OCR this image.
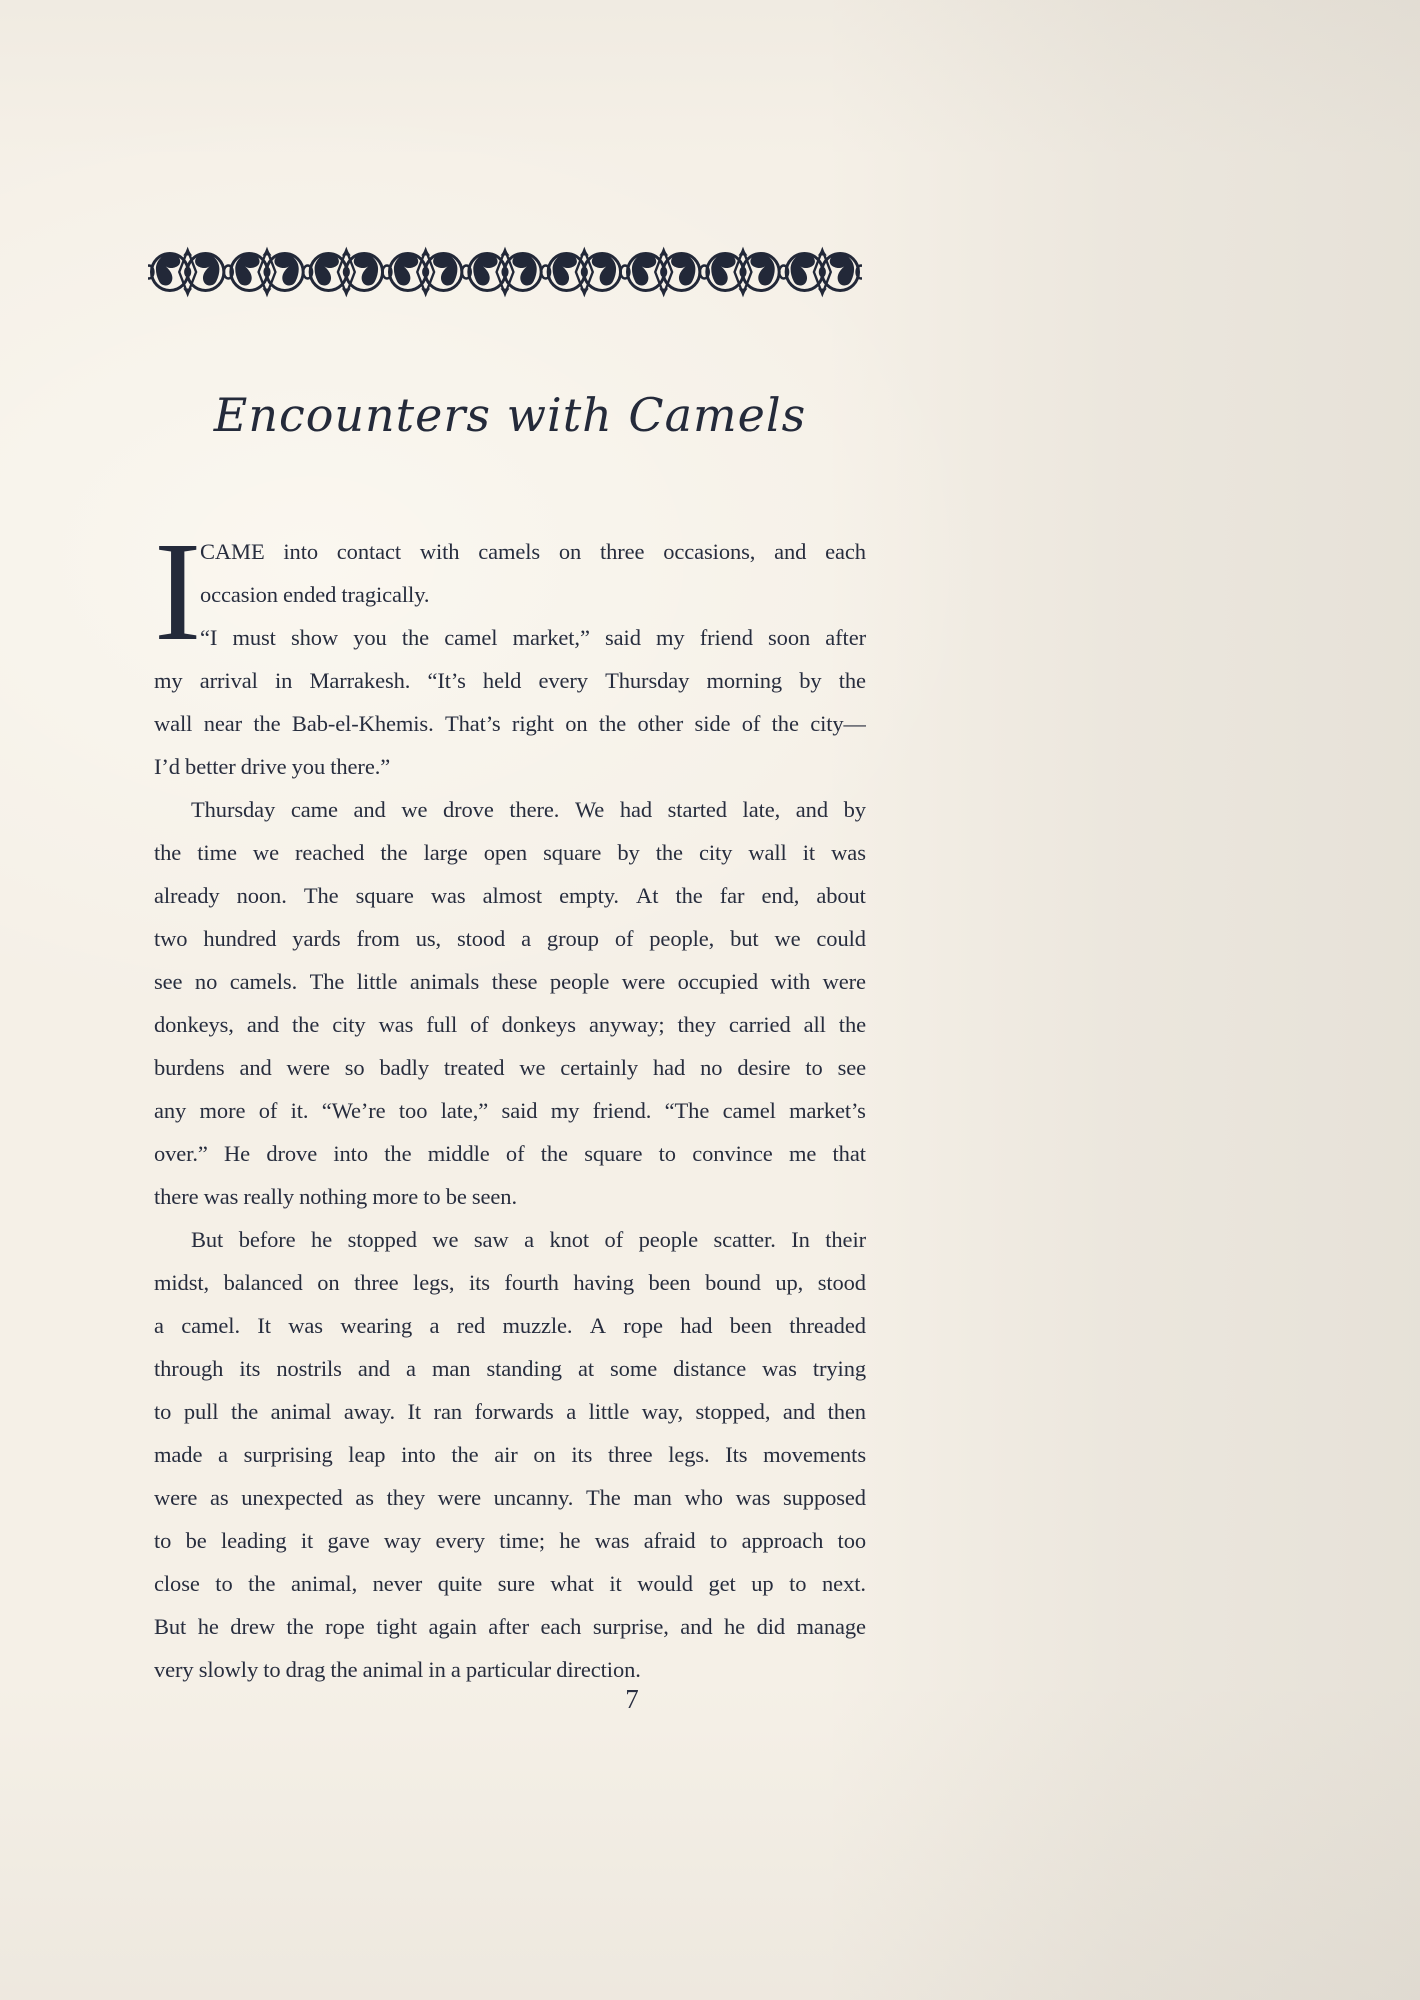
Encounters with Camels
I
CAME into contact with camels on three occasions, and each
occasion ended tragically.
“I must show you the camel market,” said my friend soon after
my arrival in Marrakesh. “It’s held every Thursday morning by the
wall near the Bab-el-Khemis. That’s right on the other side of the city—
I’d better drive you there.”
Thursday came and we drove there. We had started late, and by
the time we reached the large open square by the city wall it was
already noon. The square was almost empty. At the far end, about
two hundred yards from us, stood a group of people, but we could
see no camels. The little animals these people were occupied with were
donkeys, and the city was full of donkeys anyway; they carried all the
burdens and were so badly treated we certainly had no desire to see
any more of it. “We’re too late,” said my friend. “The camel market’s
over.” He drove into the middle of the square to convince me that
there was really nothing more to be seen.
But before he stopped we saw a knot of people scatter. In their
midst, balanced on three legs, its fourth having been bound up, stood
a camel. It was wearing a red muzzle. A rope had been threaded
through its nostrils and a man standing at some distance was trying
to pull the animal away. It ran forwards a little way, stopped, and then
made a surprising leap into the air on its three legs. Its movements
were as unexpected as they were uncanny. The man who was supposed
to be leading it gave way every time; he was afraid to approach too
close to the animal, never quite sure what it would get up to next.
But he drew the rope tight again after each surprise, and he did manage
very slowly to drag the animal in a particular direction.
7
